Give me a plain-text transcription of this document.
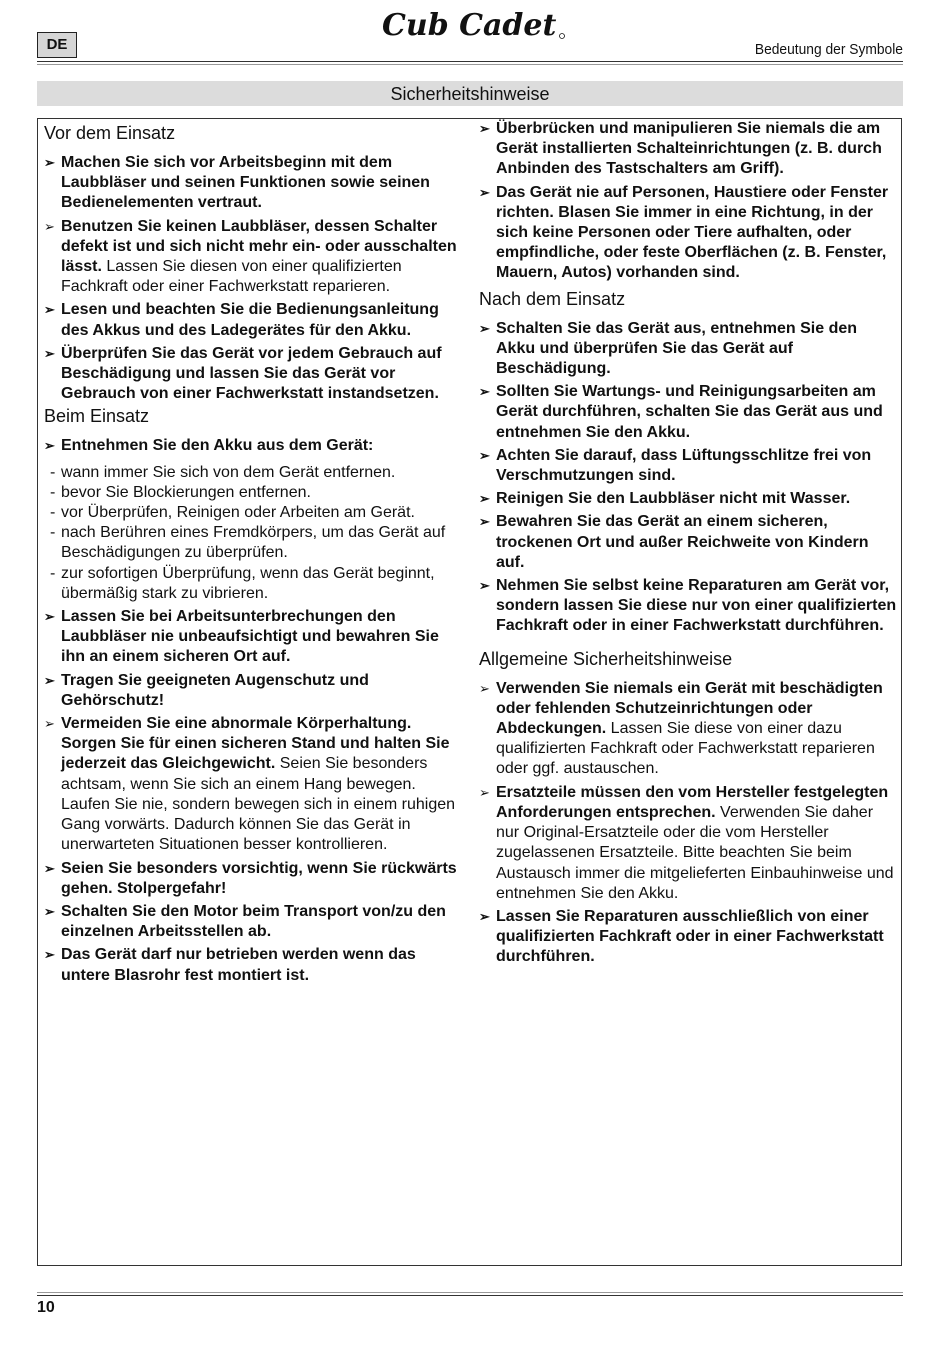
DE
Cub Cadet
Bedeutung der Symbole
Sicherheitshinweise
Vor dem Einsatz

➢ Machen Sie sich vor Arbeitsbeginn mit dem Laubbläser und seinen Funktionen sowie seinen Bedienelementen vertraut.

➢ Benutzen Sie keinen Laubbläser, dessen Schalter defekt ist und sich nicht mehr ein- oder ausschalten lässt. Lassen Sie diesen von einer qualifizierten Fachkraft oder einer Fachwerkstatt reparieren.

➢ Lesen und beachten Sie die Bedienungsanleitung des Akkus und des Ladegerätes für den Akku.

➢ Überprüfen Sie das Gerät vor jedem Gebrauch auf Beschädigung und lassen Sie das Gerät vor Gebrauch von einer Fachwerkstatt instandsetzen.

Beim Einsatz

➢ Entnehmen Sie den Akku aus dem Gerät:

- wann immer Sie sich von dem Gerät entfernen.

- bevor Sie Blockierungen entfernen.

- vor Überprüfen, Reinigen oder Arbeiten am Gerät.

- nach Berühren eines Fremdkörpers, um das Gerät auf Beschädigungen zu überprüfen.

- zur sofortigen Überprüfung, wenn das Gerät beginnt, übermäßig stark zu vibrieren.

➢ Lassen Sie bei Arbeitsunterbrechungen den Laubbläser nie unbeaufsichtigt und bewahren Sie ihn an einem sicheren Ort auf.

➢ Tragen Sie geeigneten Augenschutz und Gehörschutz!

➢ Vermeiden Sie eine abnormale Körperhaltung. Sorgen Sie für einen sicheren Stand und halten Sie jederzeit das Gleichgewicht. Seien Sie besonders achtsam, wenn Sie sich an einem Hang bewegen. Laufen Sie nie, sondern bewegen sich in einem ruhigen Gang vorwärts. Dadurch können Sie das Gerät in unerwarteten Situationen besser kontrollieren.

➢ Seien Sie besonders vorsichtig, wenn Sie rückwärts gehen. Stolpergefahr!

➢ Schalten Sie den Motor beim Transport von/zu den einzelnen Arbeitsstellen ab.

➢ Das Gerät darf nur betrieben werden wenn das untere Blasrohr fest montiert ist.

➢ Überbrücken und manipulieren Sie niemals die am Gerät installierten Schalteinrichtungen (z. B. durch Anbinden des Tastschalters am Griff).

➢ Das Gerät nie auf Personen, Haustiere oder Fenster richten. Blasen Sie immer in eine Richtung, in der sich keine Personen oder Tiere aufhalten, oder empfindliche, oder feste Oberflächen (z. B. Fenster, Mauern, Autos) vorhanden sind.

Nach dem Einsatz

➢ Schalten Sie das Gerät aus, entnehmen Sie den Akku und überprüfen Sie das Gerät auf Beschädigung.

➢ Sollten Sie Wartungs- und Reinigungsarbeiten am Gerät durchführen, schalten Sie das Gerät aus und entnehmen Sie den Akku.

➢ Achten Sie darauf, dass Lüftungsschlitze frei von Verschmutzungen sind.

➢ Reinigen Sie den Laubbläser nicht mit Wasser.

➢ Bewahren Sie das Gerät an einem sicheren, trockenen Ort und außer Reichweite von Kindern auf.

➢ Nehmen Sie selbst keine Reparaturen am Gerät vor, sondern lassen Sie diese nur von einer qualifizierten Fachkraft oder in einer Fachwerkstatt durchführen.

Allgemeine Sicherheitshinweise

➢ Verwenden Sie niemals ein Gerät mit beschädigten oder fehlenden Schutzeinrichtungen oder Abdeckungen. Lassen Sie diese von einer dazu qualifizierten Fachkraft oder Fachwerkstatt reparieren oder ggf. austauschen.

➢ Ersatzteile müssen den vom Hersteller festgelegten Anforderungen entsprechen. Verwenden Sie daher nur Original-Ersatzteile oder die vom Hersteller zugelassenen Ersatzteile. Bitte beachten Sie beim Austausch immer die mitgelieferten Einbauhinweise und entnehmen Sie den Akku.

➢ Lassen Sie Reparaturen ausschließlich von einer qualifizierten Fachkraft oder in einer Fachwerkstatt durchführen.

10
